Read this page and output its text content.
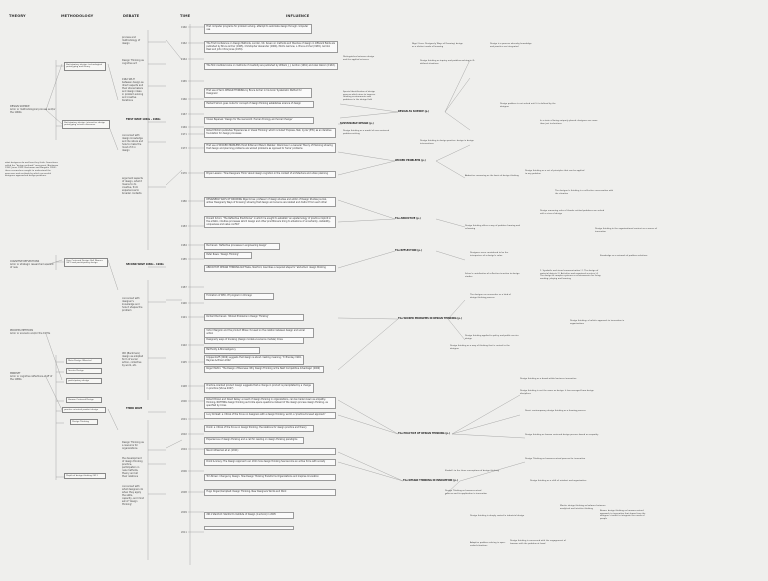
THEORY	METHODOLOGY	DEBATE	TIME	INFLUENCE
DESIGN SCIENCE
Amor or methodological process and/or the 1960s
COGNITIVE REFLECTIONS
Amor or strategic researched account of new
PROCESS METHODS
Amor or scenario and/or the 1970s
MINDSET
Amor or cognitive reflections-stuff of the 1980s
Participatory design: technological prototyping and theory
Participatory design: interactive design prototyping science discourse
User Centered Design: Bell Weaver (HCI) and participatory design
Meta-Design (Maestre)
Service Design
participatory design
Human Centered Design
practice oriented product design
Design Thinking
Depth of design thinking 2011
what designers do and how they think. Sometimes called the "design methods" movement (Buchanan 1992; Jones 1992; Buchanan and Margolin 1995), these researchers sought to understand the processes and methods by which successful designers approached design problems.
process and methodology of design
Design Thinking as cognitive act
1962 SPLIT between design as direct aspects and their stonemakers and design ideas in problem solving and creative iterations
FIRST WAVE 1960s - 1980s
concerned with design knowledge and its nature and how to make the most of it in design
argument aspects of design, what it means to do creative, from experiences to broader contexts
SECOND WAVE 1980s - 1990s
concerned with designer's knowledge and how it shapes the problem
IXD (Backmani) design as adopted form of social action, collective by work, etc.
THIRD WAVE
Design Thinking as a resource for organizations
the development of design thinking practice, participation in new methods, theory and all their relations
concerned with what designers do when they apply the skills, capacity, and mind set of 'design thinking'
1960
1962
1964
1965
1966
1967
1969
1971
1973
1976
1980
1983
1984
1985
1987
1990
1991
1992
1995
1998
2000
2001
2002
2004
2006
2008
2009
2011
First computer programs for problem solving, attempt to automate design through computer use
The First Conference on Design Methods, London, UK. Seven on methods and theories of design in different fields are published by Bruce Archer (1965), Christopher Alexander (1964), Morris Asimow, L. Bruce Archer (1965), Gordon Pask and John Chris Jones (1970).
The first credible books on methods of creativity are published by William J. J. Gordon (1961) and Alex Osborn (1963).
First use of term DESIGN THINKING by Bruce Archer in his book 'Systematic Method for Designers'
Herbert Simon goes route for concept of design thinking establishes science of design
Vivian Papanek: 'Design for the real world: Human Ecology and Social Change'
Robert McKim publishes 'Experiences in Visual Thinking' which included 'Express, Test, Cycle' (ETC) as an iterative foundation for design processes
First use of WICKED PROBLEMS Horst Rittel and Melvin Webber: Dilemmas in a General Theory of Planning showing that design and planning problems are wicked problems as opposed to 'tame' problems
Bryan Lawson: 'How Designers Think' about design cognition in the context of architecture and urban planning
DESIGNERLY WAYS OF KNOWING Nigel Cross: professor of design studies and editor of Design Studies journal, writes 'Designerly Ways of Knowing' showing that design and science are related and distinct from each other
Donald Schon: 'The Reflective Practitioner' in which he sought to establish 'an epistemology of practice implicit in the artistic, intuitive processes which design and other practitioners bring to situations of uncertainty, instability, uniqueness and value conflict'
Buchanan: 'Reflective processes in engineering design'
Peter Rowe: 'Design Thinking'
ABDUCTIVE DESIGN THINKING Rolf Faste, Stanford, describes a required steps for 'abductive' design thinking
Formation of DEO, IIT program in Chicago
Richard Buchanan: 'Wicked Problems in Design Thinking'
Victor Margolin and the product Milieu: focused on the relation between design and social action
Designerly ways of knowing (design models vs science models) Cross
Bartholdy & Binnie/Agency
Krippendorff (2006) suggests that design is about creating meaning; 'S' Brenkey 1994, Baynes & Brown 2002
Roger Martin: 'The Design of Business: Why Design Thinking is the Next Competitive Advantage' (2009)
Practice-oriented product design suggests that a change in product is precipitated by a change in practice (Shove 2007)
Robert Brown and David Kelley: a result of design thinking in organizations, can be made known as empathy-thinking, NOTHING design thinking as trickle space questions instead of the design process design thinking, as specified by Cross
Lucy Kimbell: a critical of the focus on designers with a design thinking, world, a 'practice-focused approach'
Dorst: a critical of the focus on design thinking: the relations for design practice and theory
Experiences of design thinking and a call for reading on design thinking paradigms
Naomi Wiseman et al. (2011)
Dorst & Gravy: The Design Approach ver. 2011 how design thinking has become an active force with society
Tim Brown: Change by Design: How Design Thinking Transforms Organizations and Inspires Innovation
Hugo Dogan/Campbell: Design Thinking, New Designers Words and Work
2011 Stanford: Stanford's Institute of Design (d.school) in 2005
DESIGN AS SCIENCE (p.)
SUSTAINABLE DESIGN (p.)
WICKED PROBLEMS (p.)
The ABDUCTIVE (p.)
The REFLECTION (p.)
The WICKED PROBLEMS IN DESIGN THINKING (p.)
The PRACTICE OF DESIGN THINKING (p.)
The DESIGN THINKING IN INNOVATION (p.)
Distinguishes between design and the applied sciences
Nigel Cross: Designerly Ways of Knowing; design as a distinct mode of knowing
Special identification of design process which aims to improve thinking environments and problems in the design field
Design thinking as inquiry and problem-solving in ill-defined situations
Design is a process whereby knowledge and practice are integrated
Design thinking as a model of user-centered problem-solving
Design thinking in design practice, design in design interventions
Design problem is not solved until it is defined by the designer
In a state of being uniquely placed, designers are more than just technicians
Abductive reasoning as the basis of design thinking
Design thinking as a set of principles that can be applied to any problem
The designer's thinking is a reflective conversation with the situation
Design thinking offers a way of problem framing and reframing
Design reasoning rules of thumb, wicked problems are solved with a view of design
Design thinking in the organizational context as a source of innovation
Knowledge as a network of problem solutions
1. Symbolic and visual communication; 2. The design of material objects; 3. Activities and organized services; 4. The design of complex systems or environments for living, working, playing and learning
Design thinking: a holistic approach to innovation in organizations
Schon's contribution of reflection-in-action to design studies
Designers were considered to be the interpreters of a design's value
The designer as researcher or a kind of design thinking process
Design thinking applied to policy and public service design
Design thinking as a way of thinking that is central to the designer
Design thinking as a brand within business innovation
Design thinking is not the same as design, it has emerged from design disciplines
Dorst: contemporary design thinking as a framing process
Design thinking as human centered design process based on empathy
Design Thinking as human-centred process for innovation
Design thinking as a shift of mindset and organization
Martin: design thinking as balance between analytical and intuitive thinking
Brown: design thinking as human-centred approach to innovation that draws from the designer's toolkit to integrate the needs of people
Kimbell: to the three conceptions of design thinking
Design Thinking as human-centred process and its application in innovation
Design thinking is deeply rooted in industrial design
Adaptive problem solving in open-ended situations
Design thinking is concerned with the engagement of humans with the problem at hand
